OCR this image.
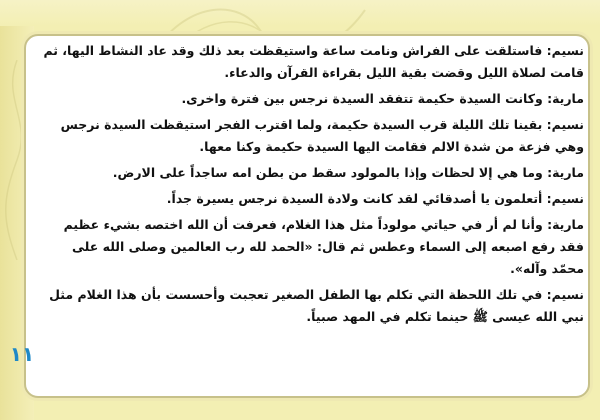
نسيم: فاستلقت على الفراش ونامت ساعة واستيقظت بعد ذلك وقد عاد النشاط اليها، ثم قامت لصلاة الليل وقضت بقية الليل بقراءة القرآن والدعاء.

مارية: وكانت السيدة حكيمة تتفقد السيدة نرجس بين فترة واخرى.

نسيم: بقينا تلك الليلة قرب السيدة حكيمة، ولما اقترب الفجر استيقظت السيدة نرجس وهي فزعة من شدة الالم فقامت اليها السيدة حكيمة وكنا معها.

مارية: وما هي إلا لحظات وإذا بالمولود سقط من بطن امه ساجداً على الارض.

نسيم: أتعلمون يا أصدقائي لقد كانت ولادة السيدة نرجس يسيرة جداً.

مارية: وأنا لم أر في حياتي مولوداً مثل هذا الغلام، فعرفت أن الله اختصه بشيء عظيم فقد رفع اصبعه إلى السماء وعطس ثم قال: «الحمد لله رب العالمين وصلى الله على محمّد وآله».

نسيم: في تلك اللحظة التي تكلم بها الطفل الصغير تعجبت وأحسست بأن هذا الغلام مثل نبي الله عيسى ﷺ حينما تكلم في المهد صبياً.

١١
